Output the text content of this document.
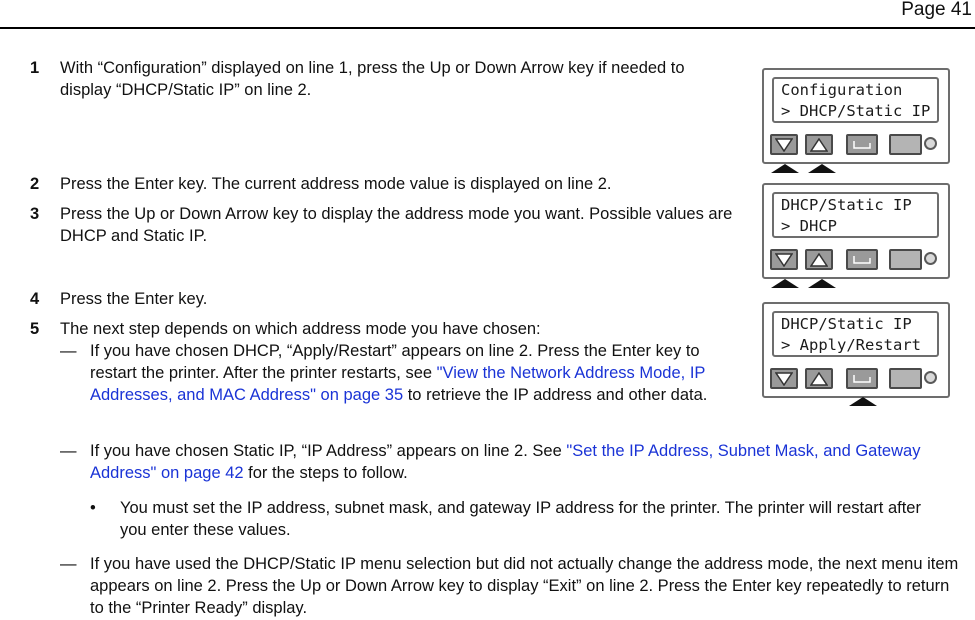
Page 41
1 With “Configuration” displayed on line 1, press the Up or Down Arrow key if needed to display “DHCP/Static IP” on line 2.
2 Press the Enter key. The current address mode value is displayed on line 2.
3 Press the Up or Down Arrow key to display the address mode you want. Possible values are DHCP and Static IP.
4 Press the Enter key.
5 The next step depends on which address mode you have chosen:
— If you have chosen DHCP, “Apply/Restart” appears on line 2. Press the Enter key to restart the printer. After the printer restarts, see "View the Network Address Mode, IP Addresses, and MAC Address" on page 35 to retrieve the IP address and other data.
— If you have chosen Static IP, “IP Address” appears on line 2. See "Set the IP Address, Subnet Mask, and Gateway Address" on page 42 for the steps to follow.
• You must set the IP address, subnet mask, and gateway IP address for the printer. The printer will restart after you enter these values.
— If you have used the DHCP/Static IP menu selection but did not actually change the address mode, the next menu item appears on line 2. Press the Up or Down Arrow key to display “Exit” on line 2. Press the Enter key repeatedly to return to the “Printer Ready” display.
Configuration
> DHCP/Static IP
DHCP/Static IP
> DHCP
DHCP/Static IP
> Apply/Restart
